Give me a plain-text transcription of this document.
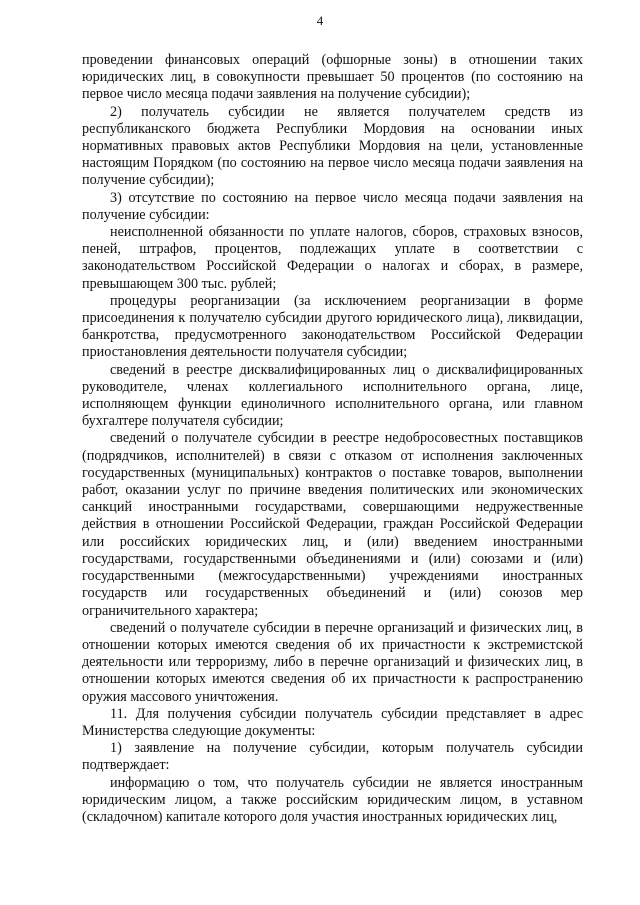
4

проведении финансовых операций (офшорные зоны) в отношении таких юридических лиц, в совокупности превышает 50 процентов (по состоянию на первое число месяца подачи заявления на получение субсидии);

2) получатель субсидии не является получателем средств из республиканского бюджета Республики Мордовия на основании иных нормативных правовых актов Республики Мордовия на цели, установленные настоящим Порядком (по состоянию на первое число месяца подачи заявления на получение субсидии);

3) отсутствие по состоянию на первое число месяца подачи заявления на получение субсидии:

неисполненной обязанности по уплате налогов, сборов, страховых взносов, пеней, штрафов, процентов, подлежащих уплате в соответствии с законодательством Российской Федерации о налогах и сборах, в размере, превышающем 300 тыс. рублей;

процедуры реорганизации (за исключением реорганизации в форме присоединения к получателю субсидии другого юридического лица), ликвидации, банкротства, предусмотренного законодательством Российской Федерации приостановления деятельности получателя субсидии;

сведений в реестре дисквалифицированных лиц о дисквалифицированных руководителе, членах коллегиального исполнительного органа, лице, исполняющем функции единоличного исполнительного органа, или главном бухгалтере получателя субсидии;

сведений о получателе субсидии в реестре недобросовестных поставщиков (подрядчиков, исполнителей) в связи с отказом от исполнения заключенных государственных (муниципальных) контрактов о поставке товаров, выполнении работ, оказании услуг по причине введения политических или экономических санкций иностранными государствами, совершающими недружественные действия в отношении Российской Федерации, граждан Российской Федерации или российских юридических лиц, и (или) введением иностранными государствами, государственными объединениями и (или) союзами и (или) государственными (межгосударственными) учреждениями иностранных государств или государственных объединений и (или) союзов мер ограничительного характера;

сведений о получателе субсидии в перечне организаций и физических лиц, в отношении которых имеются сведения об их причастности к экстремистской деятельности или терроризму, либо в перечне организаций и физических лиц, в отношении которых имеются сведения об их причастности к распространению оружия массового уничтожения.

11. Для получения субсидии получатель субсидии представляет в адрес Министерства следующие документы:

1) заявление на получение субсидии, которым получатель субсидии подтверждает:

информацию о том, что получатель субсидии не является иностранным юридическим лицом, а также российским юридическим лицом, в уставном (складочном) капитале которого доля участия иностранных юридических лиц,
